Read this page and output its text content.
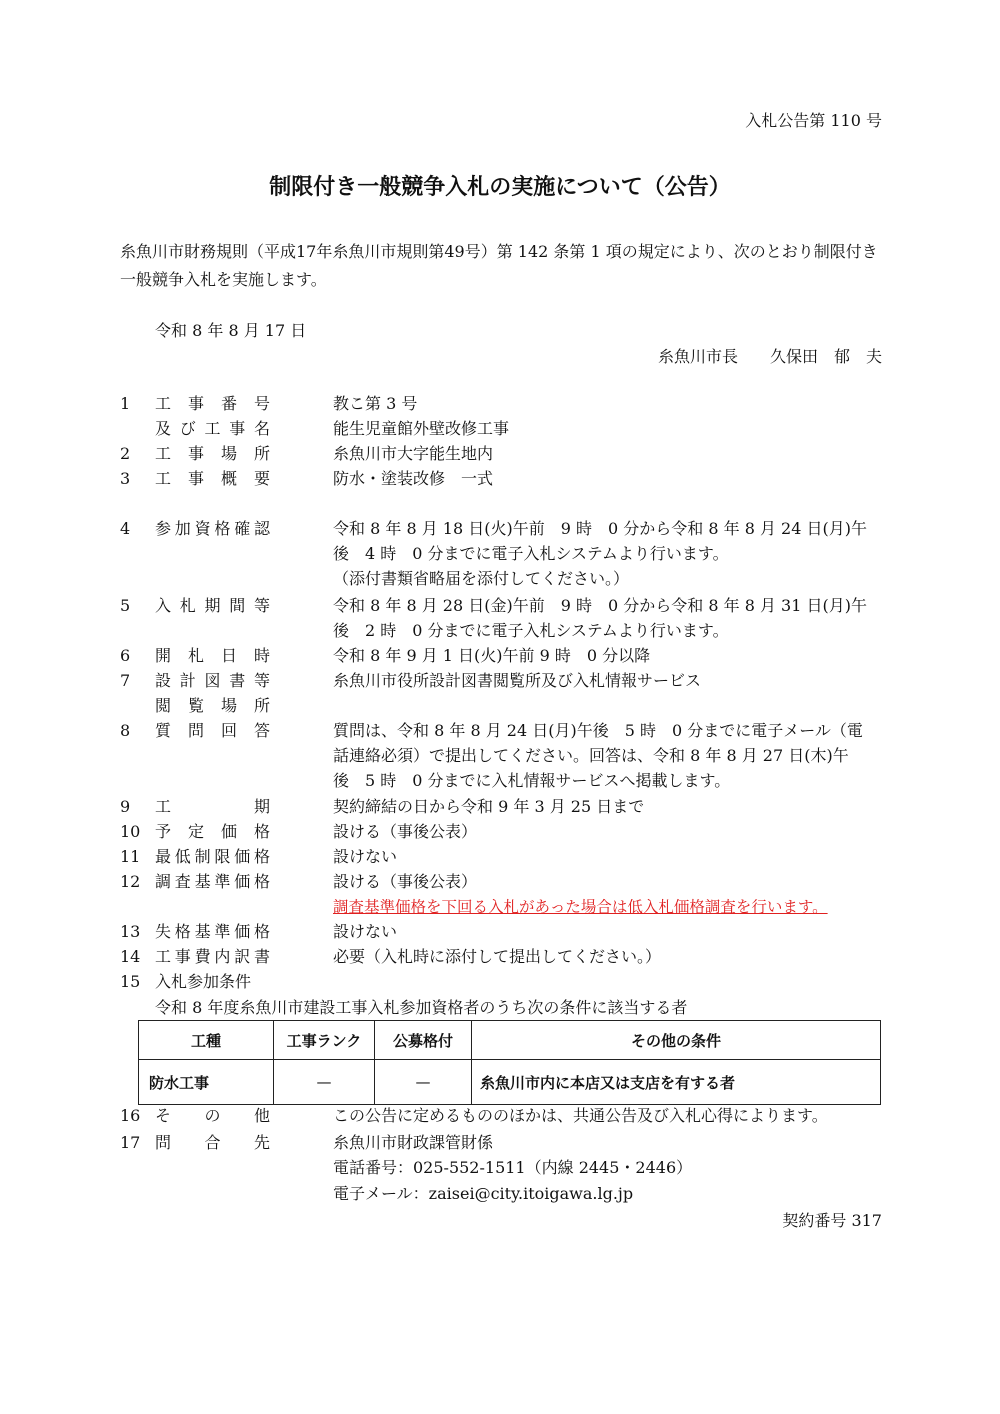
入札公告第 110 号
制限付き一般競争入札の実施について（公告）
糸魚川市財務規則（平成17年糸魚川市規則第49号）第 142 条第 1 項の規定により、次のとおり制限付き一般競争入札を実施します。
令和 8 年 8 月 17 日
糸魚川市長　　久保田　郁　夫
1	工事番号	教こ第 3 号
及び工事名	能生児童館外壁改修工事
2	工事場所	糸魚川市大字能生地内
3	工事概要	防水・塗装改修　一式
4	参加資格確認	令和 8 年 8 月 18 日(火)午前　9 時　0 分から令和 8 年 8 月 24 日(月)午
後　4 時　0 分までに電子入札システムより行います。
（添付書類省略届を添付してください。）
5	入札期間等	令和 8 年 8 月 28 日(金)午前　9 時　0 分から令和 8 年 8 月 31 日(月)午
後　2 時　0 分までに電子入札システムより行います。
6	開札日時	令和 8 年 9 月 1 日(火)午前 9 時　0 分以降
7	設計図書等	糸魚川市役所設計図書閲覧所及び入札情報サービス
閲覧場所
8	質問回答	質問は、令和 8 年 8 月 24 日(月)午後　5 時　0 分までに電子メール（電
話連絡必須）で提出してください。回答は、令和 8 年 8 月 27 日(木)午
後　5 時　0 分までに入札情報サービスへ掲載します。
9	工期	契約締結の日から令和 9 年 3 月 25 日まで
10 予定価格	設ける（事後公表）
11 最低制限価格	設けない
12 調査基準価格	設ける（事後公表）
調査基準価格を下回る入札があった場合は低入札価格調査を行います。
13 失格基準価格	設けない
14 工事費内訳書	必要（入札時に添付して提出してください。）
15 入札参加条件
令和 8 年度糸魚川市建設工事入札参加資格者のうち次の条件に該当する者
工種	工事ランク	公募格付	その他の条件
防水工事	—	—	糸魚川市内に本店又は支店を有する者
16 その他	この公告に定めるもののほかは、共通公告及び入札心得によります。
17 問合先	糸魚川市財政課管財係
電話番号：025-552-1511（内線 2445・2446）
電子メール：zaisei@city.itoigawa.lg.jp
契約番号 317
